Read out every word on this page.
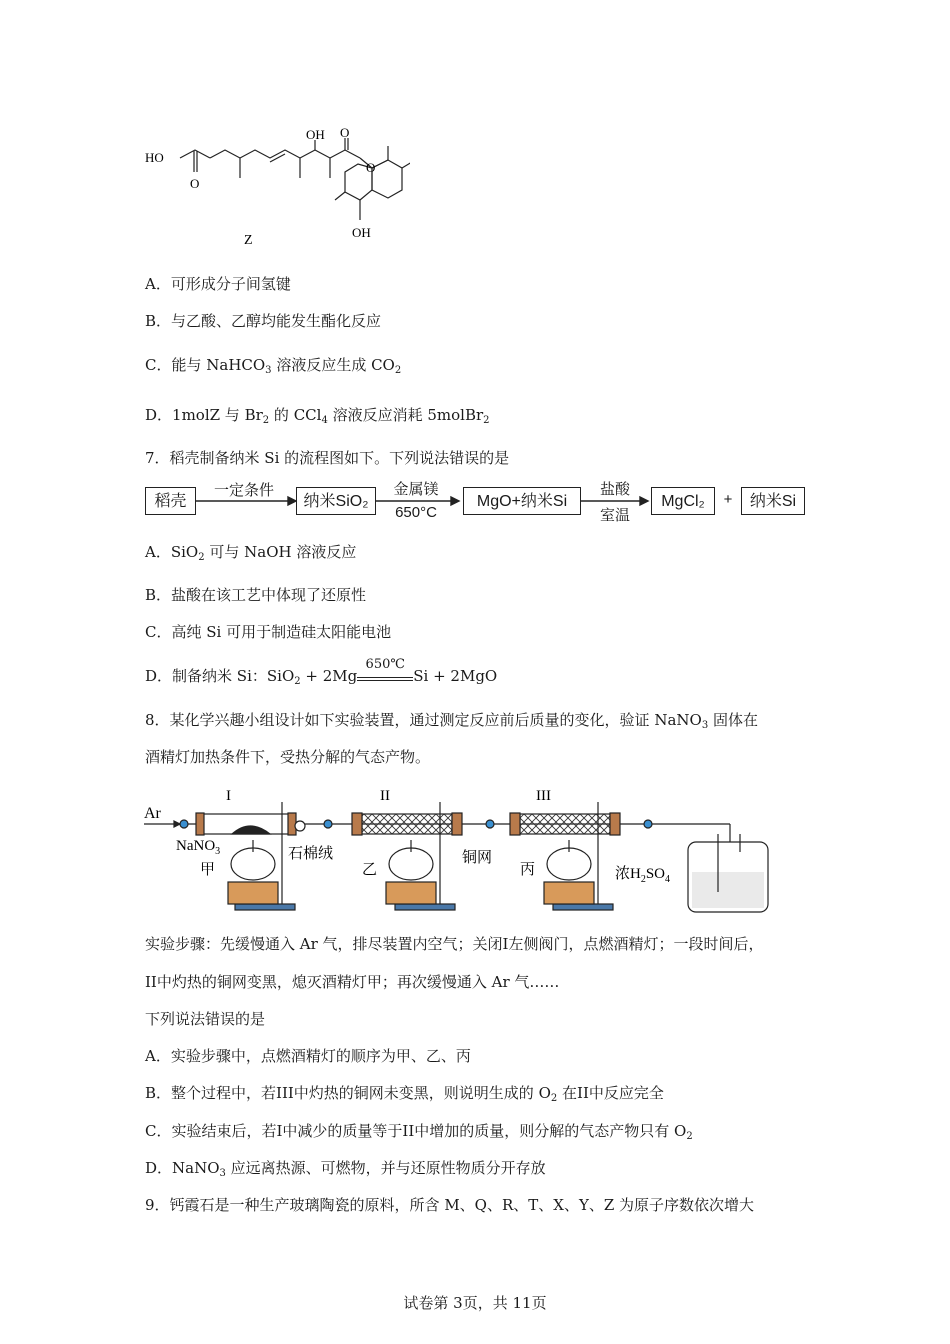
HO
O
OH O
O
OH
Z
A．可形成分子间氢键
B．与乙酸、乙醇均能发生酯化反应
C．能与 NaHCO$_3$ 溶液反应生成 $CO_2$
D．1molZ 与 $Br_2$ 的 CCl$_4$ 溶液反应消耗 5molBr$_2$
7．稻壳制备纳米 Si 的流程图如下。下列说法错误的是
稻壳
一定条件
纳米SiO₂
金属镁
650°C
MgO+纳米Si
盐酸
室温
MgCl₂	+	纳米Si
A．SiO$_2$ 可与 NaOH 溶液反应
B．盐酸在该工艺中体现了还原性
C．高纯 Si 可用于制造硅太阳能电池
D．制备纳米 Si：SiO$_2$ + 2Mg
650℃
Si + 2MgO
8．某化学兴趣小组设计如下实验装置，通过测定反应前后质量的变化，验证 NaNO$_3$ 固体在
酒精灯加热条件下，受热分解的气态产物。
Ar
I	II	III
NaNO$_3$	石棉绒	铜网
甲	乙	丙	浓$H_2SO_4$
实验步骤：先缓慢通入 Ar 气，排尽装置内空气；关闭I左侧阀门，点燃酒精灯；一段时间后，
II中灼热的铜网变黑，熄灭酒精灯甲；再次缓慢通入 Ar 气……
下列说法错误的是
A．实验步骤中，点燃酒精灯的顺序为甲、乙、丙
B．整个过程中，若III中灼热的铜网未变黑，则说明生成的 $O_2$ 在II中反应完全
C．实验结束后，若I中减少的质量等于II中增加的质量，则分解的气态产物只有 $O_2$
D．NaNO$_3$ 应远离热源、可燃物，并与还原性物质分开存放
9．钙霞石是一种生产玻璃陶瓷的原料，所含 M、Q、R、T、X、Y、Z 为原子序数依次增大
试卷第 3页，共 11页
